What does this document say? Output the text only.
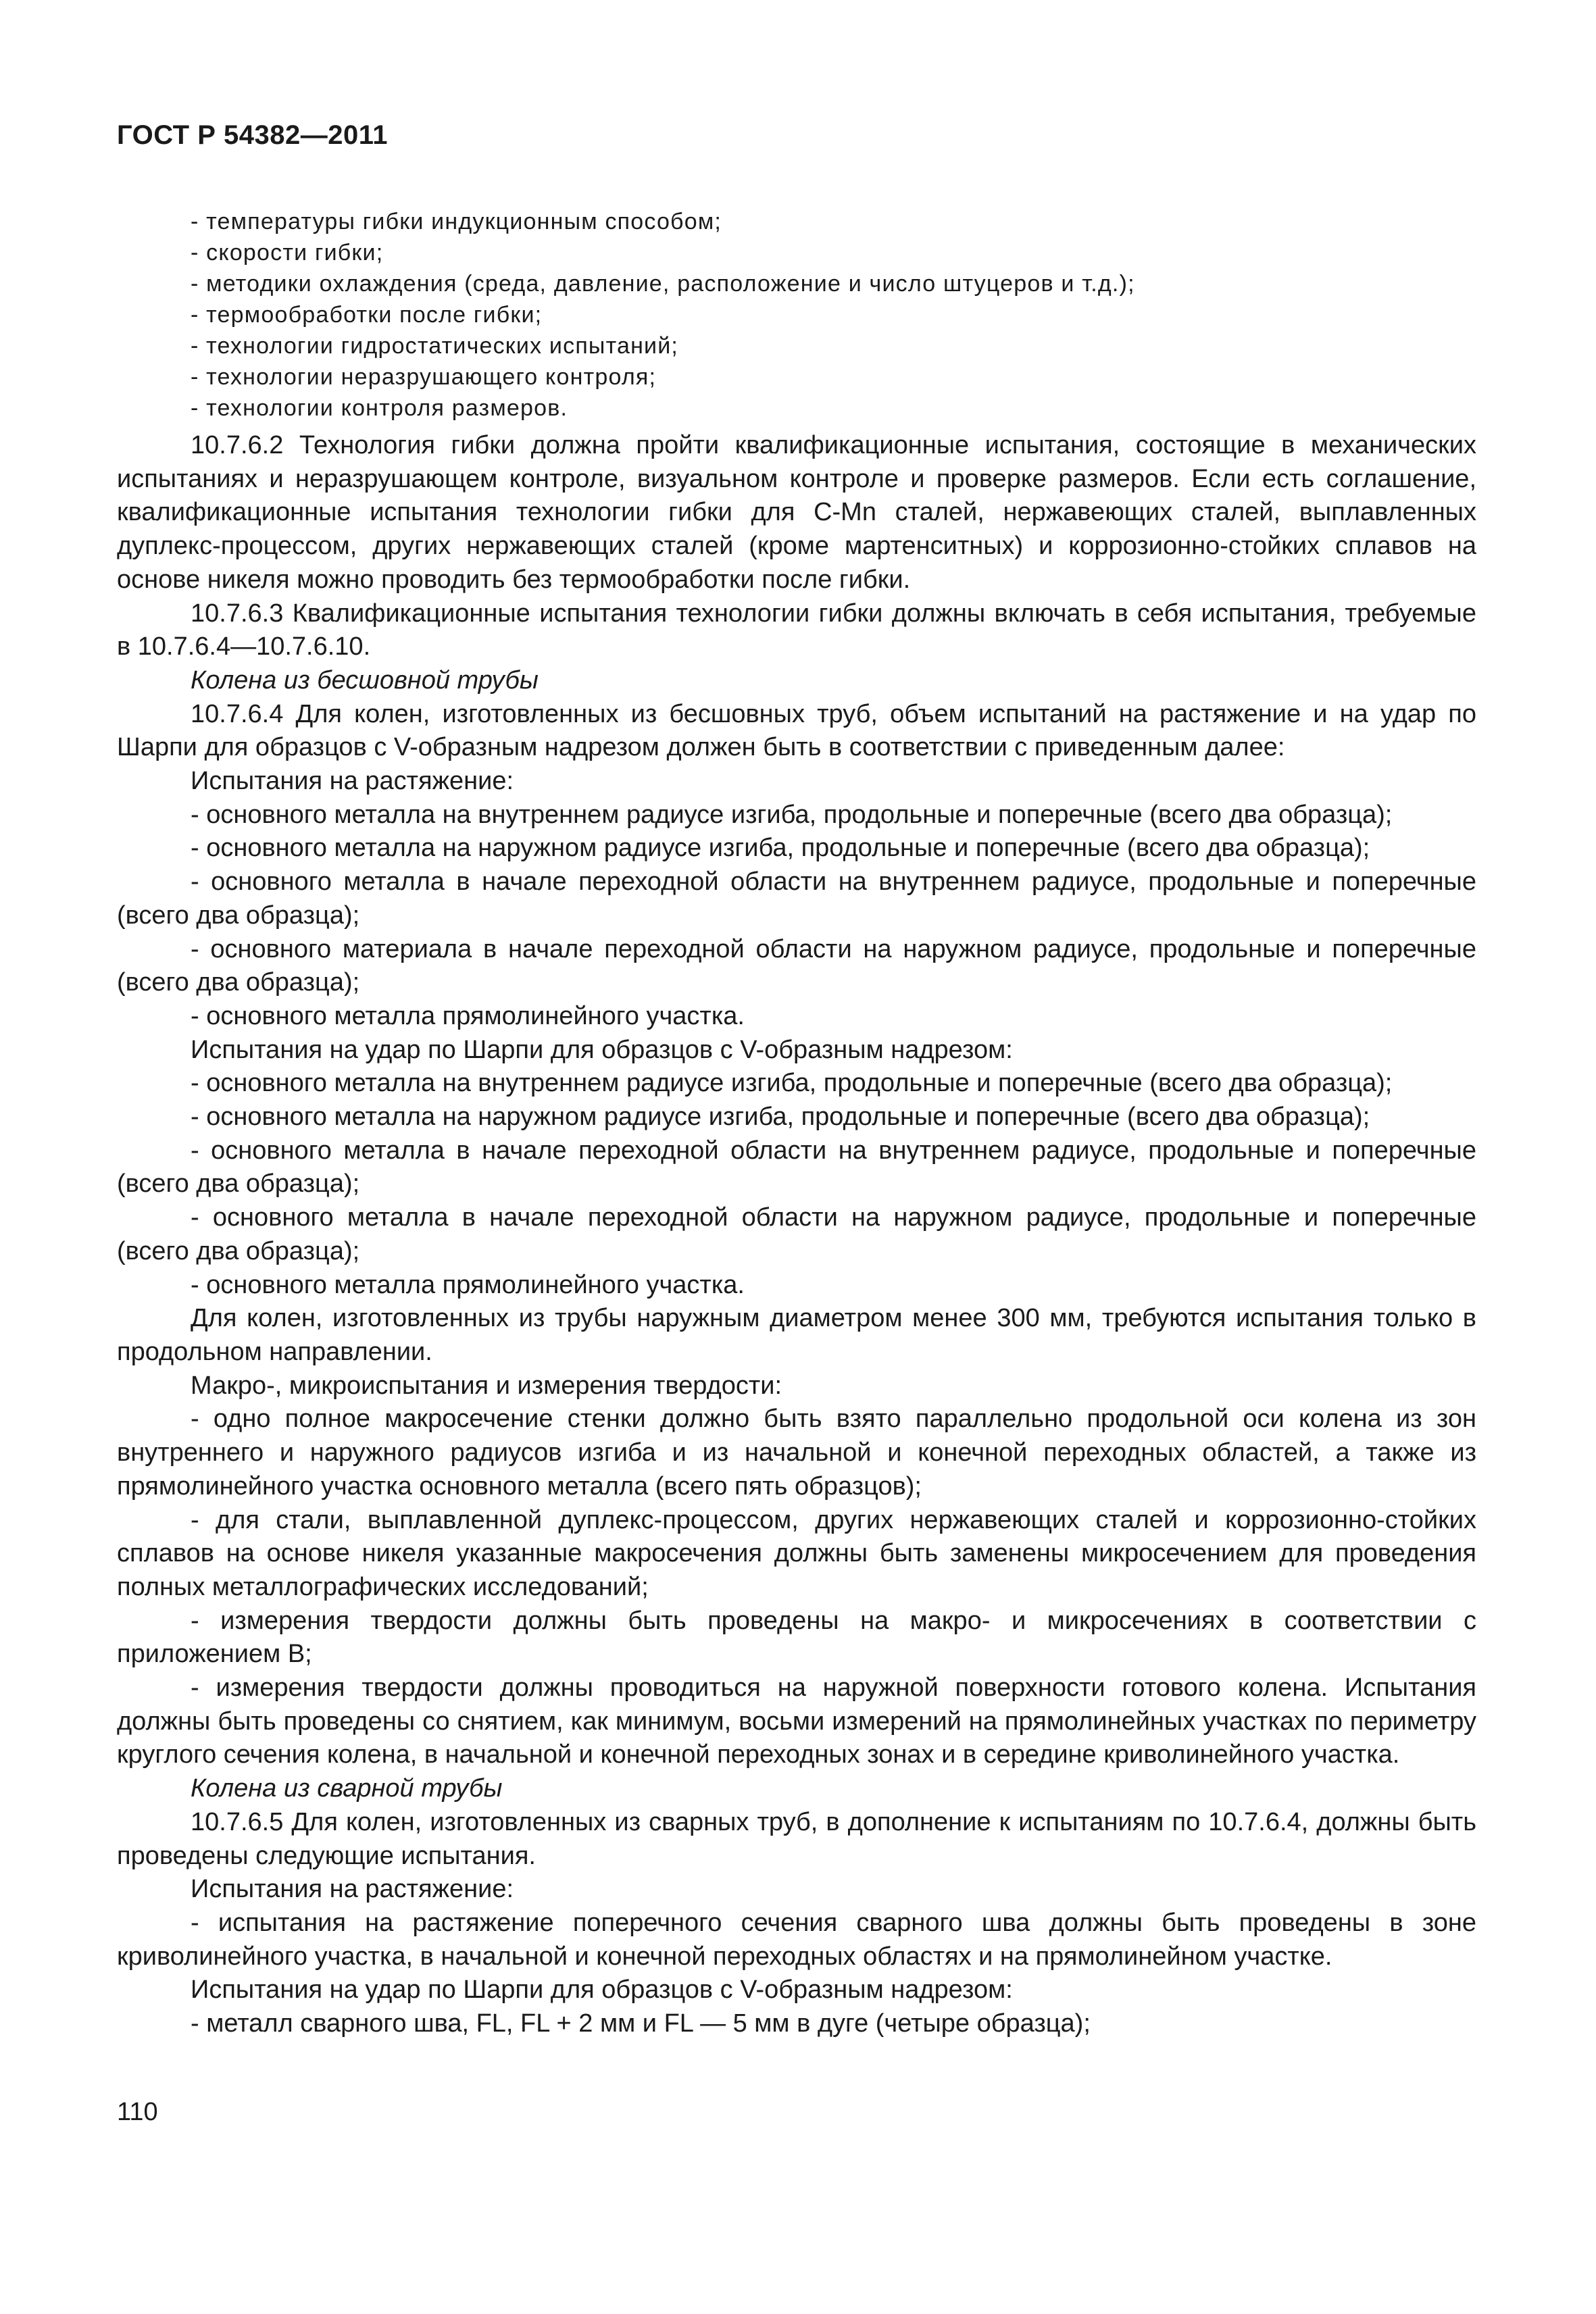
ГОСТ Р 54382—2011
- температуры гибки индукционным способом;
- скорости гибки;
- методики охлаждения (среда, давление, расположение и число штуцеров и т.д.);
- термообработки после гибки;
- технологии гидростатических испытаний;
- технологии неразрушающего контроля;
- технологии контроля размеров.

10.7.6.2 Технология гибки должна пройти квалификационные испытания, состоящие в механических испытаниях и неразрушающем контроле, визуальном контроле и проверке размеров. Если есть соглашение, квалификационные испытания технологии гибки для С-Mn сталей, нержавеющих сталей, выплавленных дуплекс-процессом, других нержавеющих сталей (кроме мартенситных) и коррозионно-стойких сплавов на основе никеля можно проводить без термообработки после гибки.

10.7.6.3 Квалификационные испытания технологии гибки должны включать в себя испытания, требуемые в 10.7.6.4—10.7.6.10.

Колена из бесшовной трубы

10.7.6.4 Для колен, изготовленных из бесшовных труб, объем испытаний на растяжение и на удар по Шарпи для образцов с V-образным надрезом должен быть в соответствии с приведенным далее:

Испытания на растяжение:

- основного металла на внутреннем радиусе изгиба, продольные и поперечные (всего два образца);

- основного металла на наружном радиусе изгиба, продольные и поперечные (всего два образца);

- основного металла в начале переходной области на внутреннем радиусе, продольные и поперечные (всего два образца);

- основного материала в начале переходной области на наружном радиусе, продольные и поперечные (всего два образца);

- основного металла прямолинейного участка.

Испытания на удар по Шарпи для образцов с V-образным надрезом:

- основного металла на внутреннем радиусе изгиба, продольные и поперечные (всего два образца);

- основного металла на наружном радиусе изгиба, продольные и поперечные (всего два образца);

- основного металла в начале переходной области на внутреннем радиусе, продольные и поперечные (всего два образца);

- основного металла в начале переходной области на наружном радиусе, продольные и поперечные (всего два образца);

- основного металла прямолинейного участка.

Для колен, изготовленных из трубы наружным диаметром менее 300 мм, требуются испытания только в продольном направлении.

Макро-, микроиспытания и измерения твердости:

- одно полное макросечение стенки должно быть взято параллельно продольной оси колена из зон внутреннего и наружного радиусов изгиба и из начальной и конечной переходных областей, а также из прямолинейного участка основного металла (всего пять образцов);

- для стали, выплавленной дуплекс-процессом, других нержавеющих сталей и коррозионно-стойких сплавов на основе никеля указанные макросечения должны быть заменены микросечением для проведения полных металлографических исследований;

- измерения твердости должны быть проведены на макро- и микросечениях в соответствии с приложением В;

- измерения твердости должны проводиться на наружной поверхности готового колена. Испытания должны быть проведены со снятием, как минимум, восьми измерений на прямолинейных участках по периметру круглого сечения колена, в начальной и конечной переходных зонах и в середине криволинейного участка.

Колена из сварной трубы

10.7.6.5 Для колен, изготовленных из сварных труб, в дополнение к испытаниям по 10.7.6.4, должны быть проведены следующие испытания.

Испытания на растяжение:

- испытания на растяжение поперечного сечения сварного шва должны быть проведены в зоне криволинейного участка, в начальной и конечной переходных областях и на прямолинейном участке.

Испытания на удар по Шарпи для образцов с V-образным надрезом:

- металл сварного шва, FL, FL + 2 мм и FL — 5 мм в дуге (четыре образца);

110
